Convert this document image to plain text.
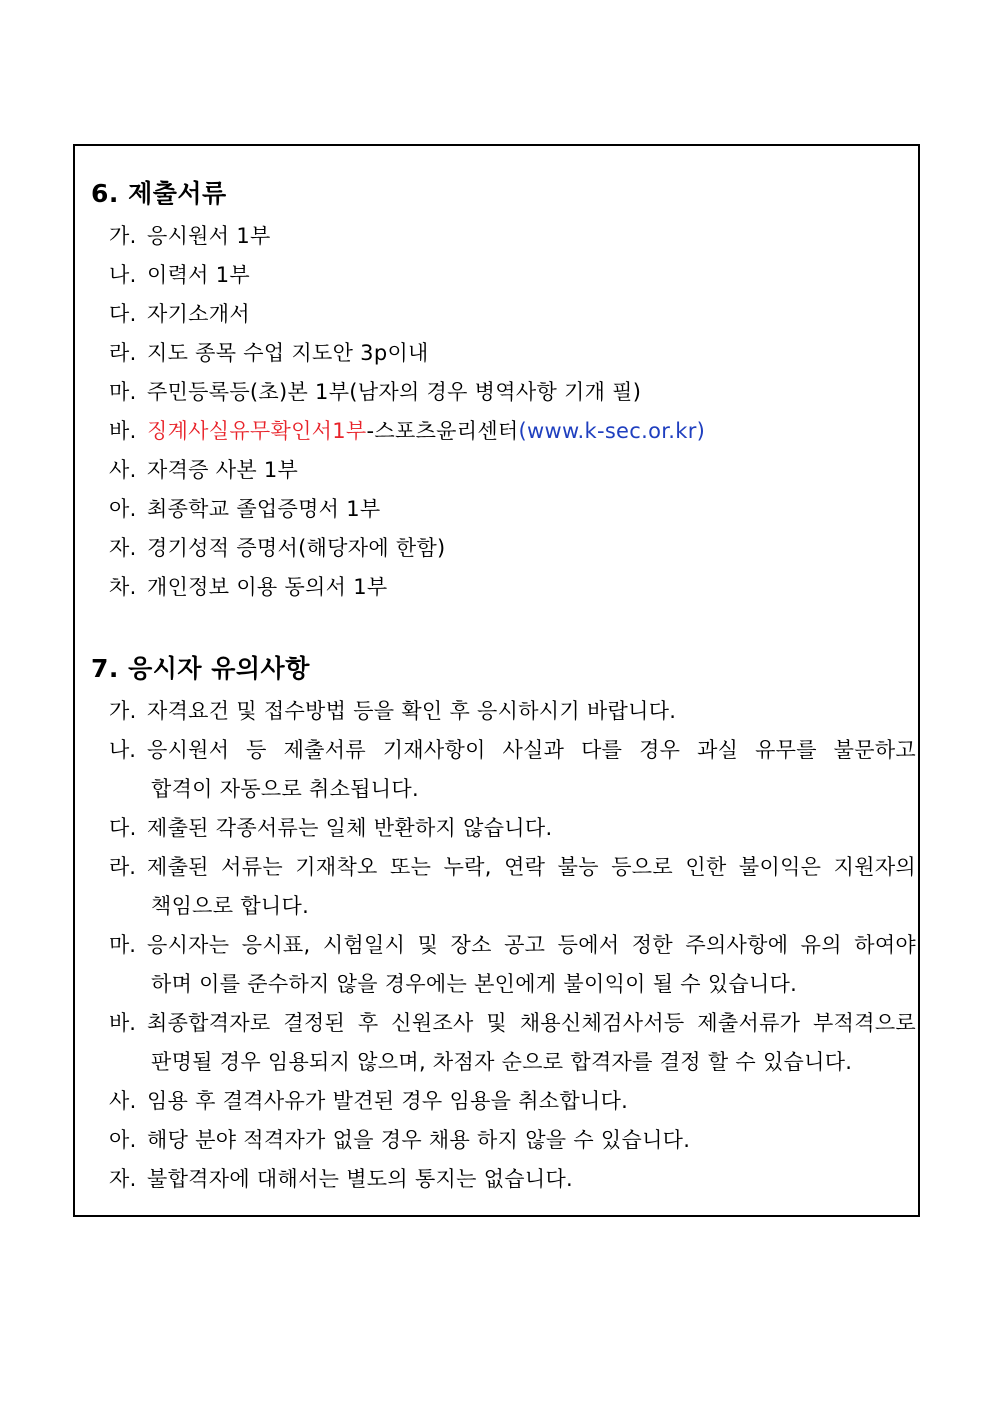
6. 제출서류
가. 응시원서 1부
나. 이력서 1부
다. 자기소개서
라. 지도 종목 수업 지도안 3p이내
마. 주민등록등(초)본 1부(남자의 경우 병역사항 기개 필)
바. 징계사실유무확인서1부-스포츠윤리센터(www.k-sec.or.kr)
사. 자격증 사본 1부
아. 최종학교 졸업증명서 1부
자. 경기성적 증명서(해당자에 한함)
차. 개인정보 이용 동의서 1부
7. 응시자 유의사항
가. 자격요건 및 접수방법 등을 확인 후 응시하시기 바랍니다.
나. 응시원서 등 제출서류 기재사항이 사실과 다를 경우 과실 유무를 불문하고
합격이 자동으로 취소됩니다.
다. 제출된 각종서류는 일체 반환하지 않습니다.
라. 제출된 서류는 기재착오 또는 누락, 연락 불능 등으로 인한 불이익은 지원자의
책임으로 합니다.
마. 응시자는 응시표, 시험일시 및 장소 공고 등에서 정한 주의사항에 유의 하여야
하며 이를 준수하지 않을 경우에는 본인에게 불이익이 될 수 있습니다.
바. 최종합격자로 결정된 후 신원조사 및 채용신체검사서등 제출서류가 부적격으로
판명될 경우 임용되지 않으며, 차점자 순으로 합격자를 결정 할 수 있습니다.
사. 임용 후 결격사유가 발견된 경우 임용을 취소합니다.
아. 해당 분야 적격자가 없을 경우 채용 하지 않을 수 있습니다.
자. 불합격자에 대해서는 별도의 통지는 없습니다.
